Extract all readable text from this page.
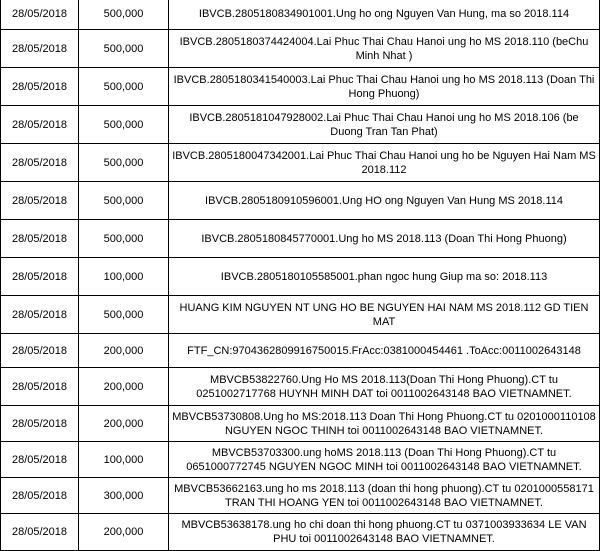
28/05/2018	500,000	IBVCB.2805180834901001.Ung ho ong Nguyen Van Hung, ma so 2018.114
28/05/2018	500,000	IBVCB.2805180374424004.Lai Phuc Thai Chau Hanoi ung ho MS 2018.110 (beChu Minh Nhat )
28/05/2018	500,000	IBVCB.2805180341540003.Lai Phuc Thai Chau Hanoi ung ho MS 2018.113 (Doan Thi Hong Phuong)
28/05/2018	500,000	IBVCB.2805181047928002.Lai Phuc Thai Chau Hanoi ung ho MS 2018.106 (be Duong Tran Tan Phat)
28/05/2018	500,000	IBVCB.2805180047342001.Lai Phuc Thai Chau Hanoi ung ho be Nguyen Hai Nam MS 2018.112
28/05/2018	500,000	IBVCB.2805180910596001.Ung HO ong Nguyen Van Hung MS 2018.114
28/05/2018	500,000	IBVCB.2805180845770001.Ung ho MS 2018.113 (Doan Thi Hong Phuong)
28/05/2018	100,000	IBVCB.2805180105585001.phan ngoc hung Giup ma so: 2018.113
28/05/2018	500,000	HUANG KIM NGUYEN NT UNG HO BE NGUYEN HAI NAM MS 2018.112 GD TIEN MAT
28/05/2018	200,000	FTF_CN:9704362809916750015.FrAcc:0381000454461 .ToAcc:0011002643148
28/05/2018	200,000	MBVCB53822760.Ung Ho MS 2018.113(Doan Thi Hong Phuong).CT tu 0251002717768 HUYNH MINH DAT toi 0011002643148 BAO VIETNAMNET.
28/05/2018	200,000	MBVCB53730808.Ung ho MS:2018.113 Doan Thi Hong Phuong.CT tu 0201000110108 NGUYEN NGOC THINH toi 0011002643148 BAO VIETNAMNET.
28/05/2018	100,000	MBVCB53703300.ung hoMS 2018.113 (Doan Thi Hong Phuong).CT tu 0651000772745 NGUYEN NGOC MINH toi 0011002643148 BAO VIETNAMNET.
28/05/2018	300,000	MBVCB53662163.ung ho ms 2018.113 (doan thi hong phuong).CT tu 0201000558171 TRAN THI HOANG YEN toi 0011002643148 BAO VIETNAMNET.
28/05/2018	200,000	MBVCB53638178.ung ho chi doan thi hong phuong.CT tu 0371003933634 LE VAN PHU toi 0011002643148 BAO VIETNAMNET.
